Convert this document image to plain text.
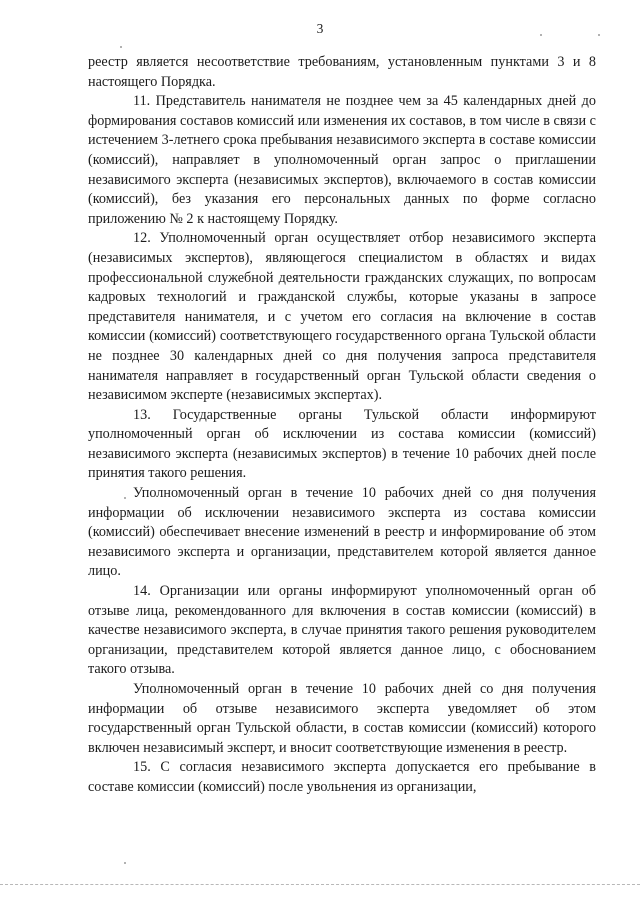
3

реестр является несоответствие требованиям, установленным пунктами 3 и 8 настоящего Порядка.

11. Представитель нанимателя не позднее чем за 45 календарных дней до формирования составов комиссий или изменения их составов, в том числе в связи с истечением 3-летнего срока пребывания независимого эксперта в составе комиссии (комиссий), направляет в уполномоченный орган запрос о приглашении независимого эксперта (независимых экспертов), включаемого в состав комиссии (комиссий), без указания его персональных данных по форме согласно приложению № 2 к настоящему Порядку.

12. Уполномоченный орган осуществляет отбор независимого эксперта (независимых экспертов), являющегося специалистом в областях и видах профессиональной служебной деятельности гражданских служащих, по вопросам кадровых технологий и гражданской службы, которые указаны в запросе представителя нанимателя, и с учетом его согласия на включение в состав комиссии (комиссий) соответствующего государственного органа Тульской области не позднее 30 календарных дней со дня получения запроса представителя нанимателя направляет в государственный орган Тульской области сведения о независимом эксперте (независимых экспертах).

13. Государственные органы Тульской области информируют уполномоченный орган об исключении из состава комиссии (комиссий) независимого эксперта (независимых экспертов) в течение 10 рабочих дней после принятия такого решения.

Уполномоченный орган в течение 10 рабочих дней со дня получения информации об исключении независимого эксперта из состава комиссии (комиссий) обеспечивает внесение изменений в реестр и информирование об этом независимого эксперта и организации, представителем которой является данное лицо.

14. Организации или органы информируют уполномоченный орган об отзыве лица, рекомендованного для включения в состав комиссии (комиссий) в качестве независимого эксперта, в случае принятия такого решения руководителем организации, представителем которой является данное лицо, с обоснованием такого отзыва.

Уполномоченный орган в течение 10 рабочих дней со дня получения информации об отзыве независимого эксперта уведомляет об этом государственный орган Тульской области, в состав комиссии (комиссий) которого включен независимый эксперт, и вносит соответствующие изменения в реестр.

15. С согласия независимого эксперта допускается его пребывание в составе комиссии (комиссий) после увольнения из организации,
